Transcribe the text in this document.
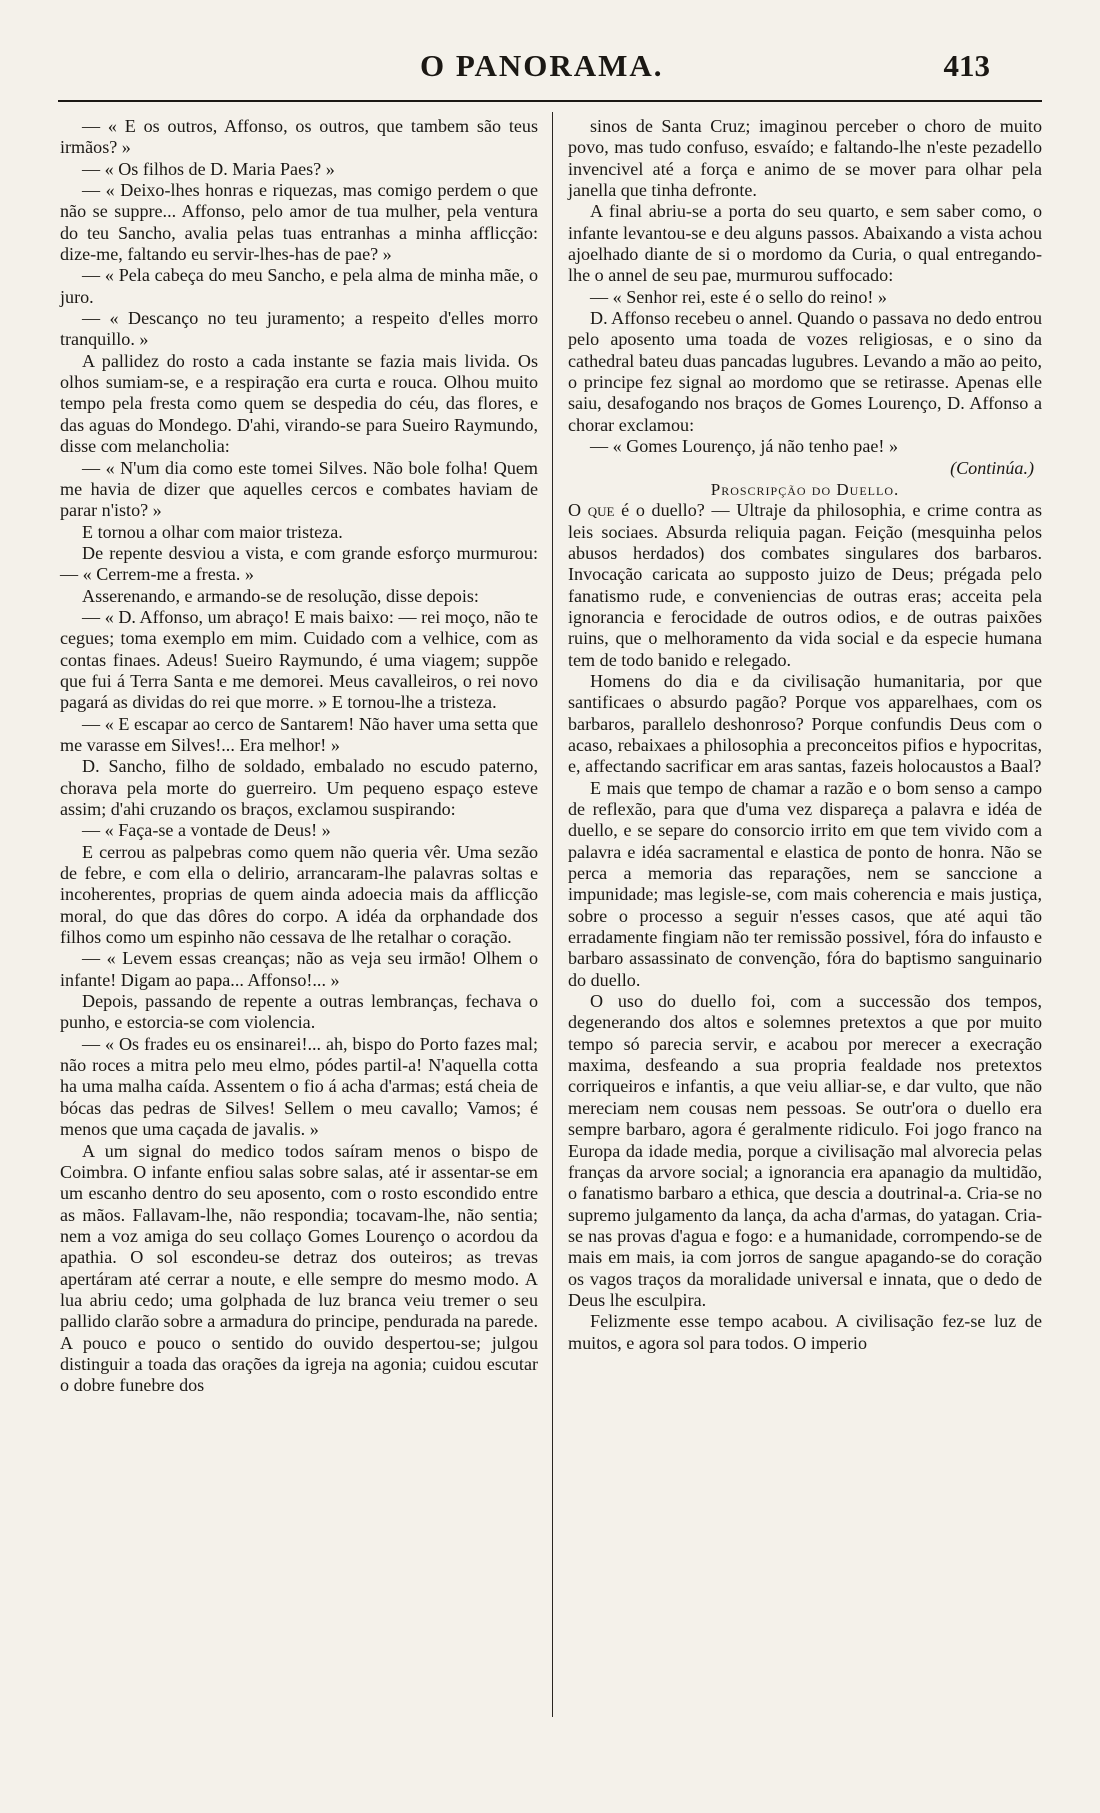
O PANORAMA.	413

— « E os outros, Affonso, os outros, que tambem são teus irmãos? »

— « Os filhos de D. Maria Paes? »

— « Deixo-lhes honras e riquezas, mas comigo perdem o que não se suppre... Affonso, pelo amor de tua mulher, pela ventura do teu Sancho, avalia pelas tuas entranhas a minha afflicção: dize-me, faltando eu servir-lhes-has de pae? »

— « Pela cabeça do meu Sancho, e pela alma de minha mãe, o juro.

— « Descanço no teu juramento; a respeito d'elles morro tranquillo. »

A pallidez do rosto a cada instante se fazia mais livida. Os olhos sumiam-se, e a respiração era curta e rouca. Olhou muito tempo pela fresta como quem se despedia do céu, das flores, e das aguas do Mondego. D'ahi, virando-se para Sueiro Raymundo, disse com melancholia:

— « N'um dia como este tomei Silves. Não bole folha! Quem me havia de dizer que aquelles cercos e combates haviam de parar n'isto? »

E tornou a olhar com maior tristeza.

De repente desviou a vista, e com grande esforço murmurou: — « Cerrem-me a fresta. »

Asserenando, e armando-se de resolução, disse depois:

— « D. Affonso, um abraço! E mais baixo: — rei moço, não te cegues; toma exemplo em mim. Cuidado com a velhice, com as contas finaes. Adeus! Sueiro Raymundo, é uma viagem; suppõe que fui á Terra Santa e me demorei. Meus cavalleiros, o rei novo pagará as dividas do rei que morre. » E tornou-lhe a tristeza.

— « E escapar ao cerco de Santarem! Não haver uma setta que me varasse em Silves!... Era melhor! »

D. Sancho, filho de soldado, embalado no escudo paterno, chorava pela morte do guerreiro. Um pequeno espaço esteve assim; d'ahi cruzando os braços, exclamou suspirando:

— « Faça-se a vontade de Deus! »

E cerrou as palpebras como quem não queria vêr. Uma sezão de febre, e com ella o delirio, arrancaram-lhe palavras soltas e incoherentes, proprias de quem ainda adoecia mais da afflicção moral, do que das dôres do corpo. A idéa da orphandade dos filhos como um espinho não cessava de lhe retalhar o coração.

— « Levem essas creanças; não as veja seu irmão! Olhem o infante! Digam ao papa... Affonso!... »

Depois, passando de repente a outras lembranças, fechava o punho, e estorcia-se com violencia.

— « Os frades eu os ensinarei!... ah, bispo do Porto fazes mal; não roces a mitra pelo meu elmo, pódes partil-a! N'aquella cotta ha uma malha caída. Assentem o fio á acha d'armas; está cheia de bócas das pedras de Silves! Sellem o meu cavallo; Vamos; é menos que uma caçada de javalis. »

A um signal do medico todos saíram menos o bispo de Coimbra. O infante enfiou salas sobre salas, até ir assentar-se em um escanho dentro do seu aposento, com o rosto escondido entre as mãos. Fallavam-lhe, não respondia; tocavam-lhe, não sentia; nem a voz amiga do seu collaço Gomes Lourenço o acordou da apathia. O sol escondeu-se detraz dos outeiros; as trevas apertáram até cerrar a noute, e elle sempre do mesmo modo. A lua abriu cedo; uma golphada de luz branca veiu tremer o seu pallido clarão sobre a armadura do principe, pendurada na parede. A pouco e pouco o sentido do ouvido despertou-se; julgou distinguir a toada das orações da igreja na agonia; cuidou escutar o dobre funebre dos

sinos de Santa Cruz; imaginou perceber o choro de muito povo, mas tudo confuso, esvaído; e faltando-lhe n'este pezadello invencivel até a força e animo de se mover para olhar pela janella que tinha defronte.

A final abriu-se a porta do seu quarto, e sem saber como, o infante levantou-se e deu alguns passos. Abaixando a vista achou ajoelhado diante de si o mordomo da Curia, o qual entregando-lhe o annel de seu pae, murmurou suffocado:

— « Senhor rei, este é o sello do reino! »

D. Affonso recebeu o annel. Quando o passava no dedo entrou pelo aposento uma toada de vozes religiosas, e o sino da cathedral bateu duas pancadas lugubres. Levando a mão ao peito, o principe fez signal ao mordomo que se retirasse. Apenas elle saiu, desafogando nos braços de Gomes Lourenço, D. Affonso a chorar exclamou:

— « Gomes Lourenço, já não tenho pae! »

(Continúa.)

Proscripção do Duello.

O que é o duello? — Ultraje da philosophia, e crime contra as leis sociaes. Absurda reliquia pagan. Feição (mesquinha pelos abusos herdados) dos combates singulares dos barbaros. Invocação caricata ao supposto juizo de Deus; prégada pelo fanatismo rude, e conveniencias de outras eras; acceita pela ignorancia e ferocidade de outros odios, e de outras paixões ruins, que o melhoramento da vida social e da especie humana tem de todo banido e relegado.

Homens do dia e da civilisação humanitaria, por que santificaes o absurdo pagão? Porque vos apparelhaes, com os barbaros, parallelo deshonroso? Porque confundis Deus com o acaso, rebaixaes a philosophia a preconceitos pifios e hypocritas, e, affectando sacrificar em aras santas, fazeis holocaustos a Baal?

E mais que tempo de chamar a razão e o bom senso a campo de reflexão, para que d'uma vez dispareça a palavra e idéa de duello, e se separe do consorcio irrito em que tem vivido com a palavra e idéa sacramental e elastica de ponto de honra. Não se perca a memoria das reparações, nem se sanccione a impunidade; mas legisle-se, com mais coherencia e mais justiça, sobre o processo a seguir n'esses casos, que até aqui tão erradamente fingiam não ter remissão possivel, fóra do infausto e barbaro assassinato de convenção, fóra do baptismo sanguinario do duello.

O uso do duello foi, com a successão dos tempos, degenerando dos altos e solemnes pretextos a que por muito tempo só parecia servir, e acabou por merecer a execração maxima, desfeando a sua propria fealdade nos pretextos corriqueiros e infantis, a que veiu alliar-se, e dar vulto, que não mereciam nem cousas nem pessoas. Se outr'ora o duello era sempre barbaro, agora é geralmente ridiculo. Foi jogo franco na Europa da idade media, porque a civilisação mal alvorecia pelas franças da arvore social; a ignorancia era apanagio da multidão, o fanatismo barbaro a ethica, que descia a doutrinal-a. Cria-se no supremo julgamento da lança, da acha d'armas, do yatagan. Cria-se nas provas d'agua e fogo: e a humanidade, corrompendo-se de mais em mais, ia com jorros de sangue apagando-se do coração os vagos traços da moralidade universal e innata, que o dedo de Deus lhe esculpira.

Felizmente esse tempo acabou. A civilisação fez-se luz de muitos, e agora sol para todos. O imperio
